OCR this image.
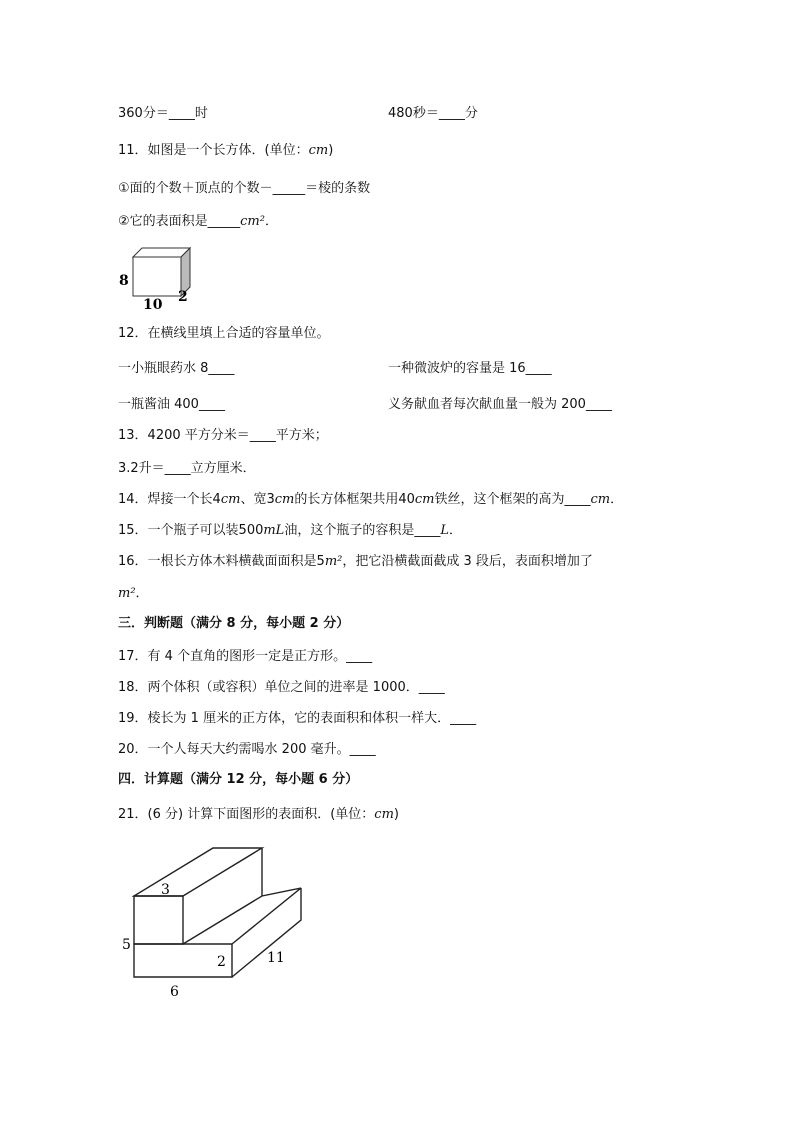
360分＝____时	480秒＝____分
11．如图是一个长方体．(单位：cm)
①面的个数＋顶点的个数－_____＝棱的条数
②它的表面积是_____cm²．
8
10 2
12．在横线里填上合适的容量单位。
一小瓶眼药水 8____	一种微波炉的容量是 16____
一瓶酱油 400____	义务献血者每次献血量一般为 200____
13．4200 平方分米＝____平方米；
3.2升＝____立方厘米．
14．焊接一个长4cm、宽3cm的长方体框架共用40cm铁丝，这个框架的高为____cm．
15．一个瓶子可以装500mL油，这个瓶子的容积是____L．
16．一根长方体木料横截面面积是5m²，把它沿横截面截成 3 段后，表面积增加了
m²．
三．判断题（满分 8 分，每小题 2 分）
17．有 4 个直角的图形一定是正方形。____
18．两个体积（或容积）单位之间的进率是 1000．____
19．棱长为 1 厘米的正方体，它的表面积和体积一样大．____
20．一个人每天大约需喝水 200 毫升。____
四．计算题（满分 12 分，每小题 6 分）
21．(6 分) 计算下面图形的表面积．(单位：cm)
3
5
6
2	11
